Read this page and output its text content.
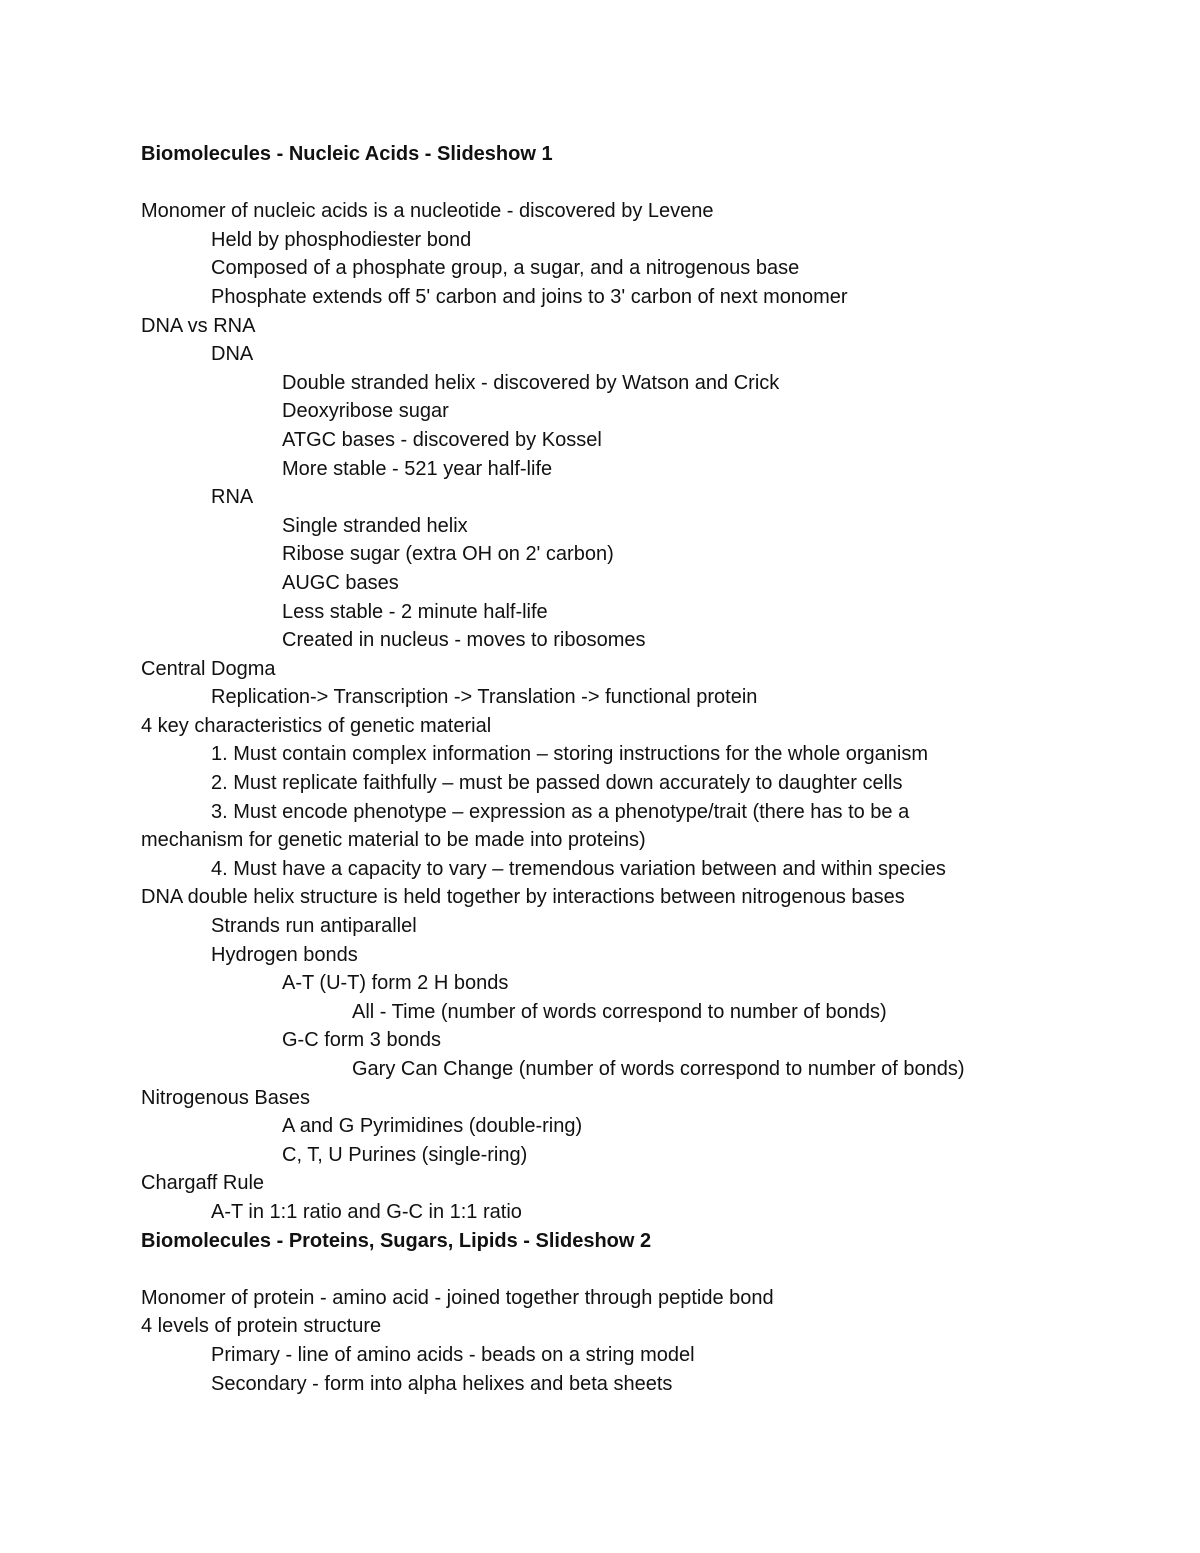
Biomolecules - Nucleic Acids - Slideshow 1
Monomer of nucleic acids is a nucleotide - discovered by Levene
Held by phosphodiester bond
Composed of a phosphate group, a sugar, and a nitrogenous base
Phosphate extends off 5' carbon and joins to 3' carbon of next monomer
DNA vs RNA
DNA
Double stranded helix - discovered by Watson and Crick
Deoxyribose sugar
ATGC bases - discovered by Kossel
More stable - 521 year half-life
RNA
Single stranded helix
Ribose sugar (extra OH on 2' carbon)
AUGC bases
Less stable - 2 minute half-life
Created in nucleus - moves to ribosomes
Central Dogma
Replication-> Transcription -> Translation -> functional protein
4 key characteristics of genetic material
1. Must contain complex information – storing instructions for the whole organism
2. Must replicate faithfully – must be passed down accurately to daughter cells
3. Must encode phenotype – expression as a phenotype/trait (there has to be a
mechanism for genetic material to be made into proteins)
4. Must have a capacity to vary – tremendous variation between and within species
DNA double helix structure is held together by interactions between nitrogenous bases
Strands run antiparallel
Hydrogen bonds
A-T (U-T) form 2 H bonds
All - Time (number of words correspond to number of bonds)
G-C form 3 bonds
Gary Can Change (number of words correspond to number of bonds)
Nitrogenous Bases
A and G Pyrimidines (double-ring)
C, T, U Purines (single-ring)
Chargaff Rule
A-T in 1:1 ratio and G-C in 1:1 ratio
Biomolecules - Proteins, Sugars, Lipids - Slideshow 2
Monomer of protein - amino acid - joined together through peptide bond
4 levels of protein structure
Primary - line of amino acids - beads on a string model
Secondary - form into alpha helixes and beta sheets
